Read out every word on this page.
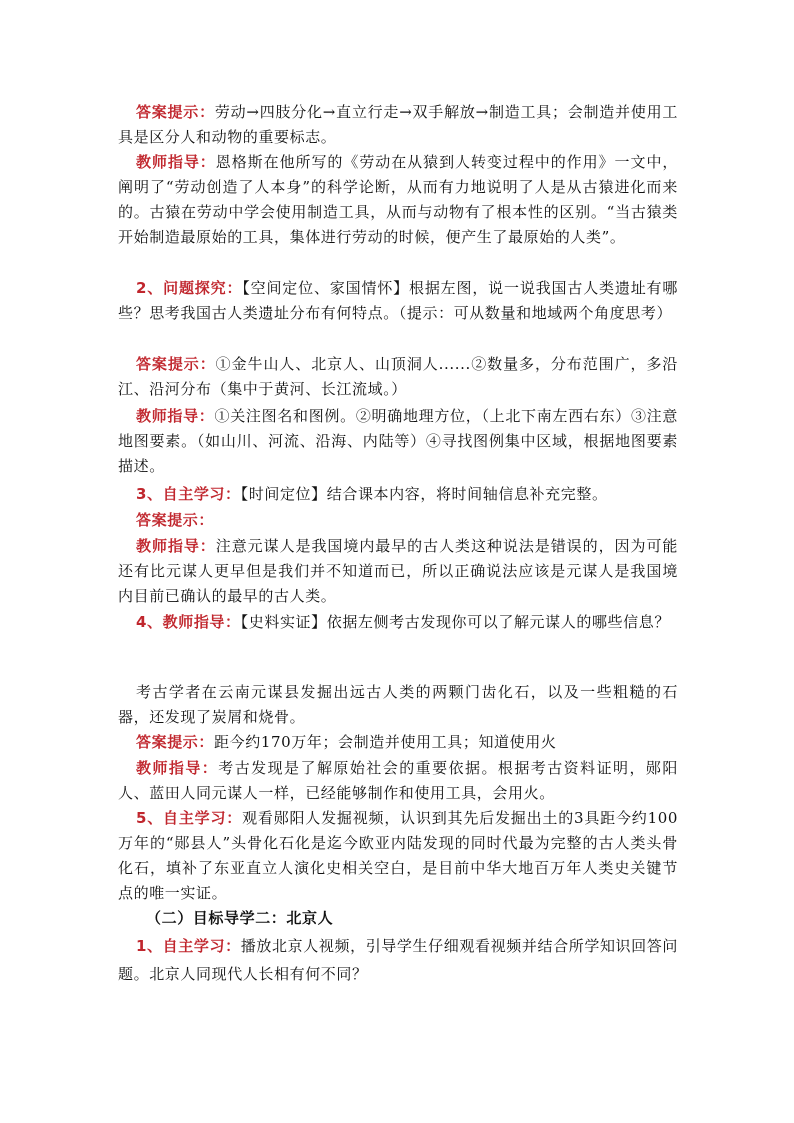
答案提示：劳动→四肢分化→直立行走→双手解放→制造工具；会制造并使用工具是区分人和动物的重要标志。

教师指导：恩格斯在他所写的《劳动在从猿到人转变过程中的作用》一文中，阐明了“劳动创造了人本身”的科学论断，从而有力地说明了人是从古猿进化而来的。古猿在劳动中学会使用制造工具，从而与动物有了根本性的区别。“当古猿类开始制造最原始的工具，集体进行劳动的时候，便产生了最原始的人类”。

2、问题探究：【空间定位、家国情怀】根据左图，说一说我国古人类遗址有哪些？思考我国古人类遗址分布有何特点。（提示：可从数量和地域两个角度思考）

答案提示：①金牛山人、北京人、山顶洞人......②数量多，分布范围广，多沿江、沿河分布（集中于黄河、长江流域。）

教师指导：①关注图名和图例。②明确地理方位，（上北下南左西右东）③注意地图要素。（如山川、河流、沿海、内陆等）④寻找图例集中区域，根据地图要素描述。

3、自主学习：【时间定位】结合课本内容，将时间轴信息补充完整。

答案提示：

教师指导：注意元谋人是我国境内最早的古人类这种说法是错误的，因为可能还有比元谋人更早但是我们并不知道而已，所以正确说法应该是元谋人是我国境内目前已确认的最早的古人类。

4、教师指导：【史料实证】依据左侧考古发现你可以了解元谋人的哪些信息？

考古学者在云南元谋县发掘出远古人类的两颗门齿化石，以及一些粗糙的石器，还发现了炭屑和烧骨。

答案提示：距今约170万年；会制造并使用工具；知道使用火

教师指导：考古发现是了解原始社会的重要依据。根据考古资料证明，郧阳人、蓝田人同元谋人一样，已经能够制作和使用工具，会用火。

5、自主学习：观看郧阳人发掘视频，认识到其先后发掘出土的3具距今约100万年的“郧县人”头骨化石化是迄今欧亚内陆发现的同时代最为完整的古人类头骨化石，填补了东亚直立人演化史相关空白，是目前中华大地百万年人类史关键节点的唯一实证。

（二）目标导学二：北京人

1、自主学习：播放北京人视频，引导学生仔细观看视频并结合所学知识回答问题。北京人同现代人长相有何不同？
